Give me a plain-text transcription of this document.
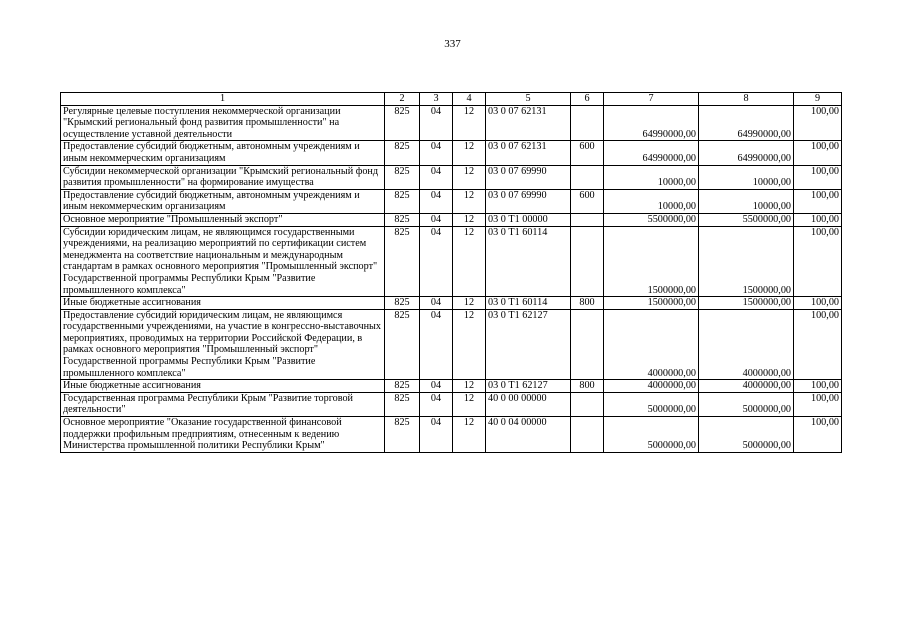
337
1	2	3	4	5	6	7	8	9
Регулярные целевые поступления некоммерческой организации "Крымский региональный фонд развития промышленности" на осуществление уставной деятельности	825	04	12	03 0 07 62131		64990000,00	64990000,00	100,00
Предоставление субсидий бюджетным, автономным учреждениям и иным некоммерческим организациям	825	04	12	03 0 07 62131	600	64990000,00	64990000,00	100,00
Субсидии некоммерческой организации "Крымский региональный фонд развития промышленности" на формирование имущества	825	04	12	03 0 07 69990		10000,00	10000,00	100,00
Предоставление субсидий бюджетным, автономным учреждениям и иным некоммерческим организациям	825	04	12	03 0 07 69990	600	10000,00	10000,00	100,00
Основное мероприятие "Промышленный экспорт"	825	04	12	03 0 Т1 00000		5500000,00	5500000,00	100,00
Субсидии юридическим лицам, не являющимся государственными учреждениями, на реализацию мероприятий по сертификации систем менеджмента на соответствие национальным и международным стандартам в рамках основного мероприятия "Промышленный экспорт" Государственной программы Республики Крым "Развитие промышленного комплекса"	825	04	12	03 0 Т1 60114		1500000,00	1500000,00	100,00
Иные бюджетные ассигнования	825	04	12	03 0 Т1 60114	800	1500000,00	1500000,00	100,00
Предоставление субсидий юридическим лицам, не являющимся государственными учреждениями, на участие в конгрессно-выставочных мероприятиях, проводимых на территории Российской Федерации, в рамках основного мероприятия "Промышленный экспорт" Государственной программы Республики Крым "Развитие промышленного комплекса"	825	04	12	03 0 Т1 62127		4000000,00	4000000,00	100,00
Иные бюджетные ассигнования	825	04	12	03 0 Т1 62127	800	4000000,00	4000000,00	100,00
Государственная программа Республики Крым "Развитие торговой деятельности"	825	04	12	40 0 00 00000		5000000,00	5000000,00	100,00
Основное мероприятие "Оказание государственной финансовой поддержки профильным предприятиям, отнесенным к ведению Министерства промышленной политики Республики Крым"	825	04	12	40 0 04 00000		5000000,00	5000000,00	100,00
